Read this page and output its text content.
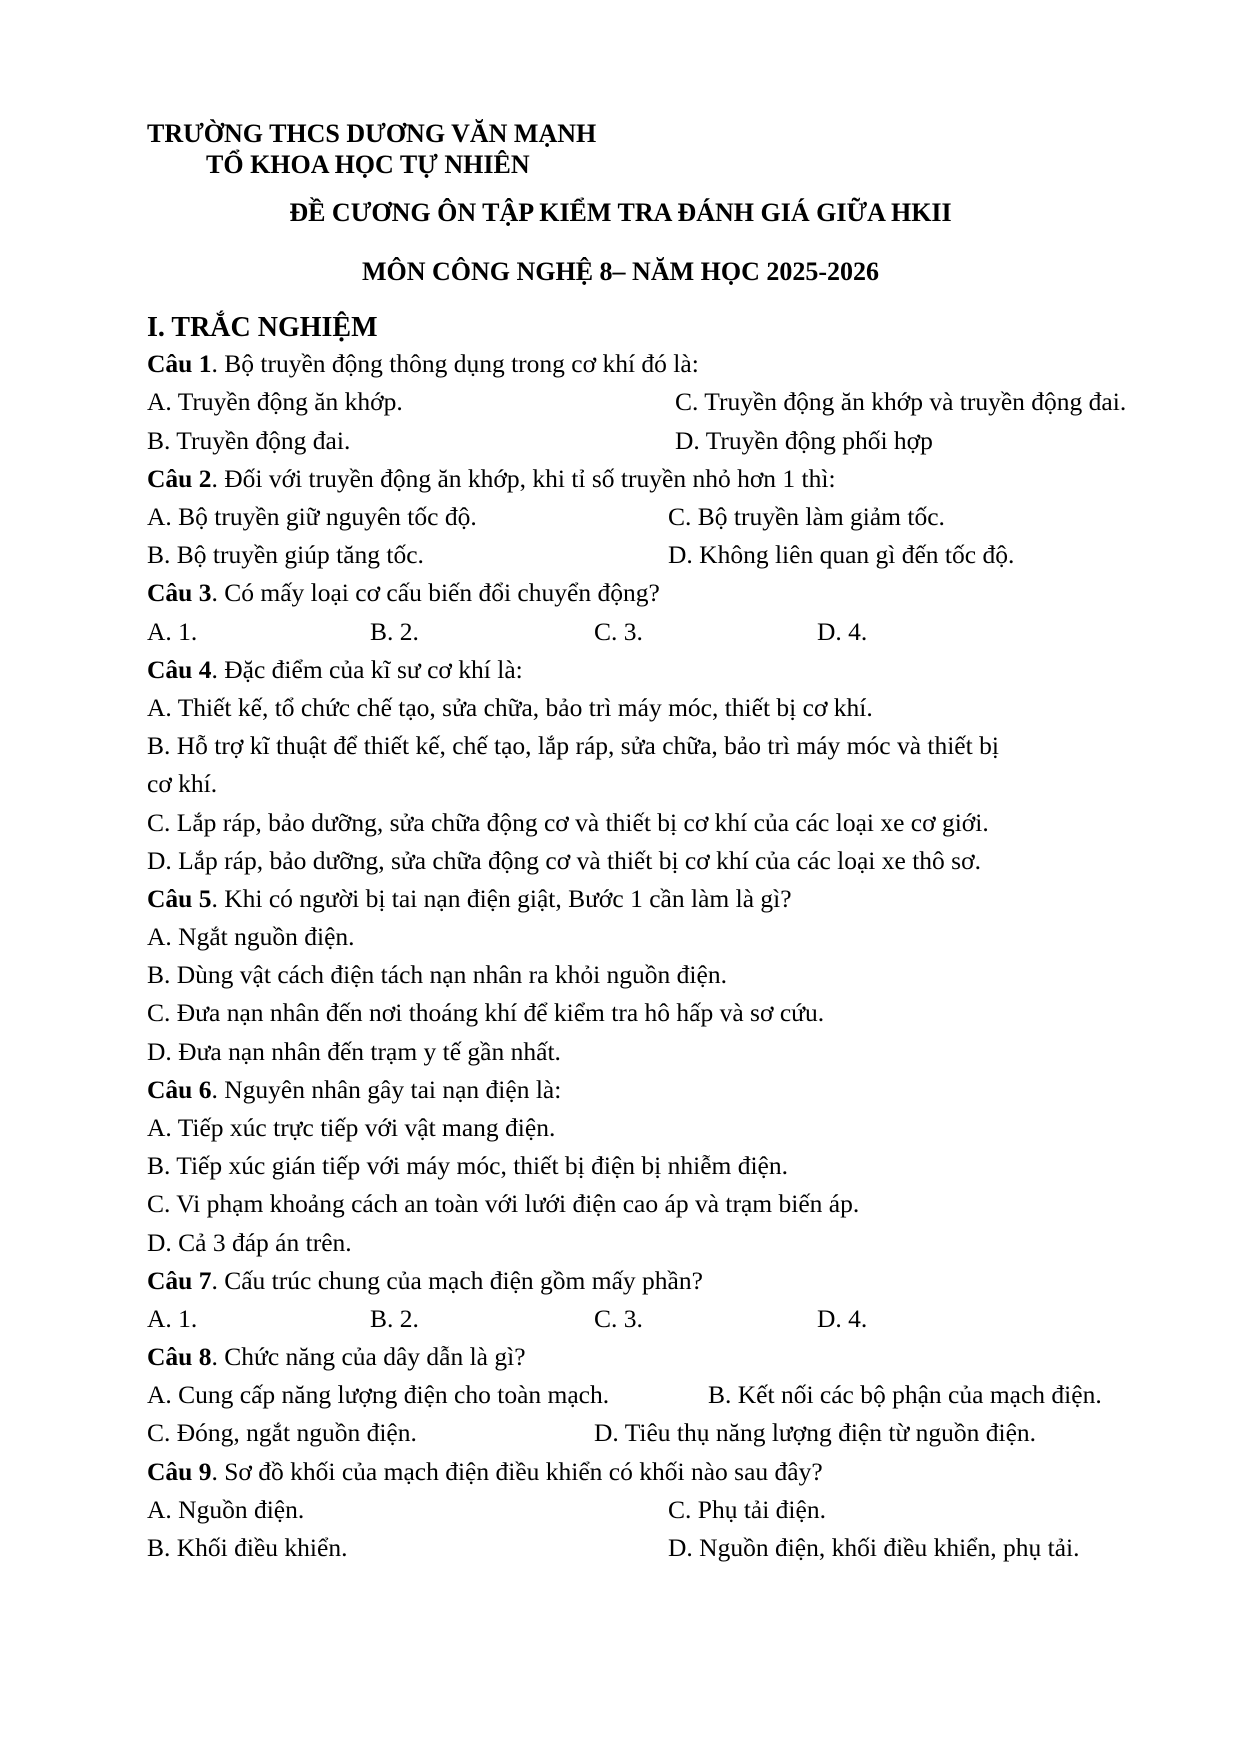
TRƯỜNG THCS DƯƠNG VĂN MẠNH
TỔ KHOA HỌC TỰ NHIÊN
ĐỀ CƯƠNG ÔN TẬP KIỂM TRA ĐÁNH GIÁ GIỮA HKII
MÔN CÔNG NGHỆ 8– NĂM HỌC 2025-2026
I. TRẮC NGHIỆM
Câu 1. Bộ truyền động thông dụng trong cơ khí đó là:
A. Truyền động ăn khớp.	C. Truyền động ăn khớp và truyền động đai.
B. Truyền động đai.	D. Truyền động phối hợp
Câu 2. Đối với truyền động ăn khớp, khi tỉ số truyền nhỏ hơn 1 thì:
A. Bộ truyền giữ nguyên tốc độ.	C. Bộ truyền làm giảm tốc.
B. Bộ truyền giúp tăng tốc.	D. Không liên quan gì đến tốc độ.
Câu 3. Có mấy loại cơ cấu biến đổi chuyển động?
A. 1.	B. 2.	C. 3.	D. 4.
Câu 4. Đặc điểm của kĩ sư cơ khí là:
A. Thiết kế, tổ chức chế tạo, sửa chữa, bảo trì máy móc, thiết bị cơ khí.
B. Hỗ trợ kĩ thuật để thiết kế, chế tạo, lắp ráp, sửa chữa, bảo trì máy móc và thiết bị
cơ khí.
C. Lắp ráp, bảo dưỡng, sửa chữa động cơ và thiết bị cơ khí của các loại xe cơ giới.
D. Lắp ráp, bảo dưỡng, sửa chữa động cơ và thiết bị cơ khí của các loại xe thô sơ.
Câu 5. Khi có người bị tai nạn điện giật, Bước 1 cần làm là gì?
A. Ngắt nguồn điện.
B. Dùng vật cách điện tách nạn nhân ra khỏi nguồn điện.
C. Đưa nạn nhân đến nơi thoáng khí để kiểm tra hô hấp và sơ cứu.
D. Đưa nạn nhân đến trạm y tế gần nhất.
Câu 6. Nguyên nhân gây tai nạn điện là:
A. Tiếp xúc trực tiếp với vật mang điện.
B. Tiếp xúc gián tiếp với máy móc, thiết bị điện bị nhiễm điện.
C. Vi phạm khoảng cách an toàn với lưới điện cao áp và trạm biến áp.
D. Cả 3 đáp án trên.
Câu 7. Cấu trúc chung của mạch điện gồm mấy phần?
A. 1.	B. 2.	C. 3.	D. 4.
Câu 8. Chức năng của dây dẫn là gì?
A. Cung cấp năng lượng điện cho toàn mạch.	B. Kết nối các bộ phận của mạch điện.
C. Đóng, ngắt nguồn điện.	D. Tiêu thụ năng lượng điện từ nguồn điện.
Câu 9. Sơ đồ khối của mạch điện điều khiển có khối nào sau đây?
A. Nguồn điện.	C. Phụ tải điện.
B. Khối điều khiển.	D. Nguồn điện, khối điều khiển, phụ tải.
